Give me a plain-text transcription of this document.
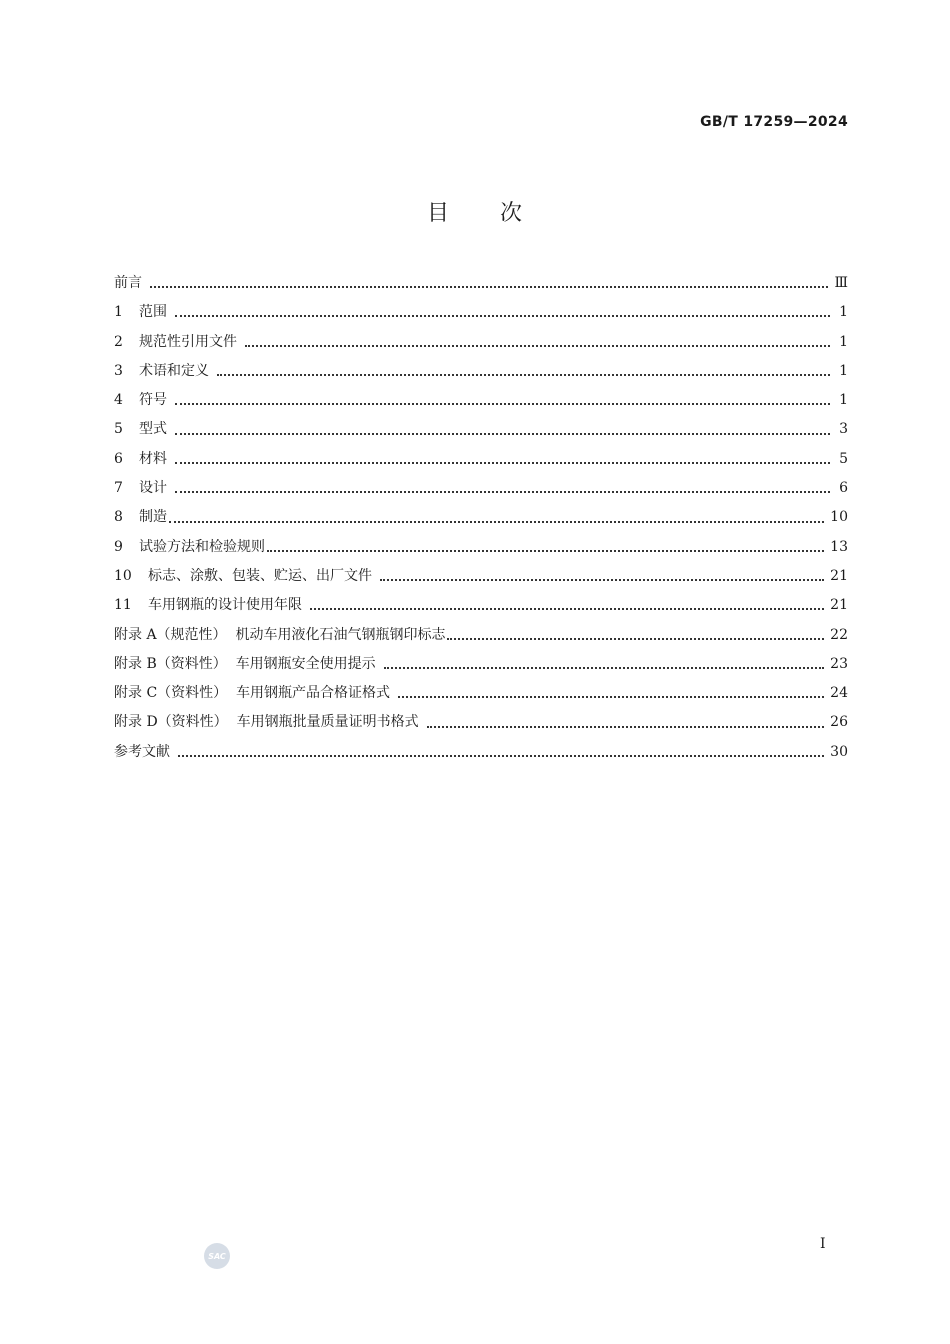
GB/T 17259—2024
目 次
前言	Ⅲ
1	范围	1
2	规范性引用文件	1
3	术语和定义	1
4	符号	1
5	型式	3
6	材料	5
7	设计	6
8	制造	10
9	试验方法和检验规则	13
10	标志、涂敷、包装、贮运、出厂文件	21
11	车用钢瓶的设计使用年限	21
附录 A（规范性）  机动车用液化石油气钢瓶钢印标志	22
附录 B（资料性）  车用钢瓶安全使用提示	23
附录 C（资料性）  车用钢瓶产品合格证格式	24
附录 D（资料性）  车用钢瓶批量质量证明书格式	26
参考文献	30
SAC
I
